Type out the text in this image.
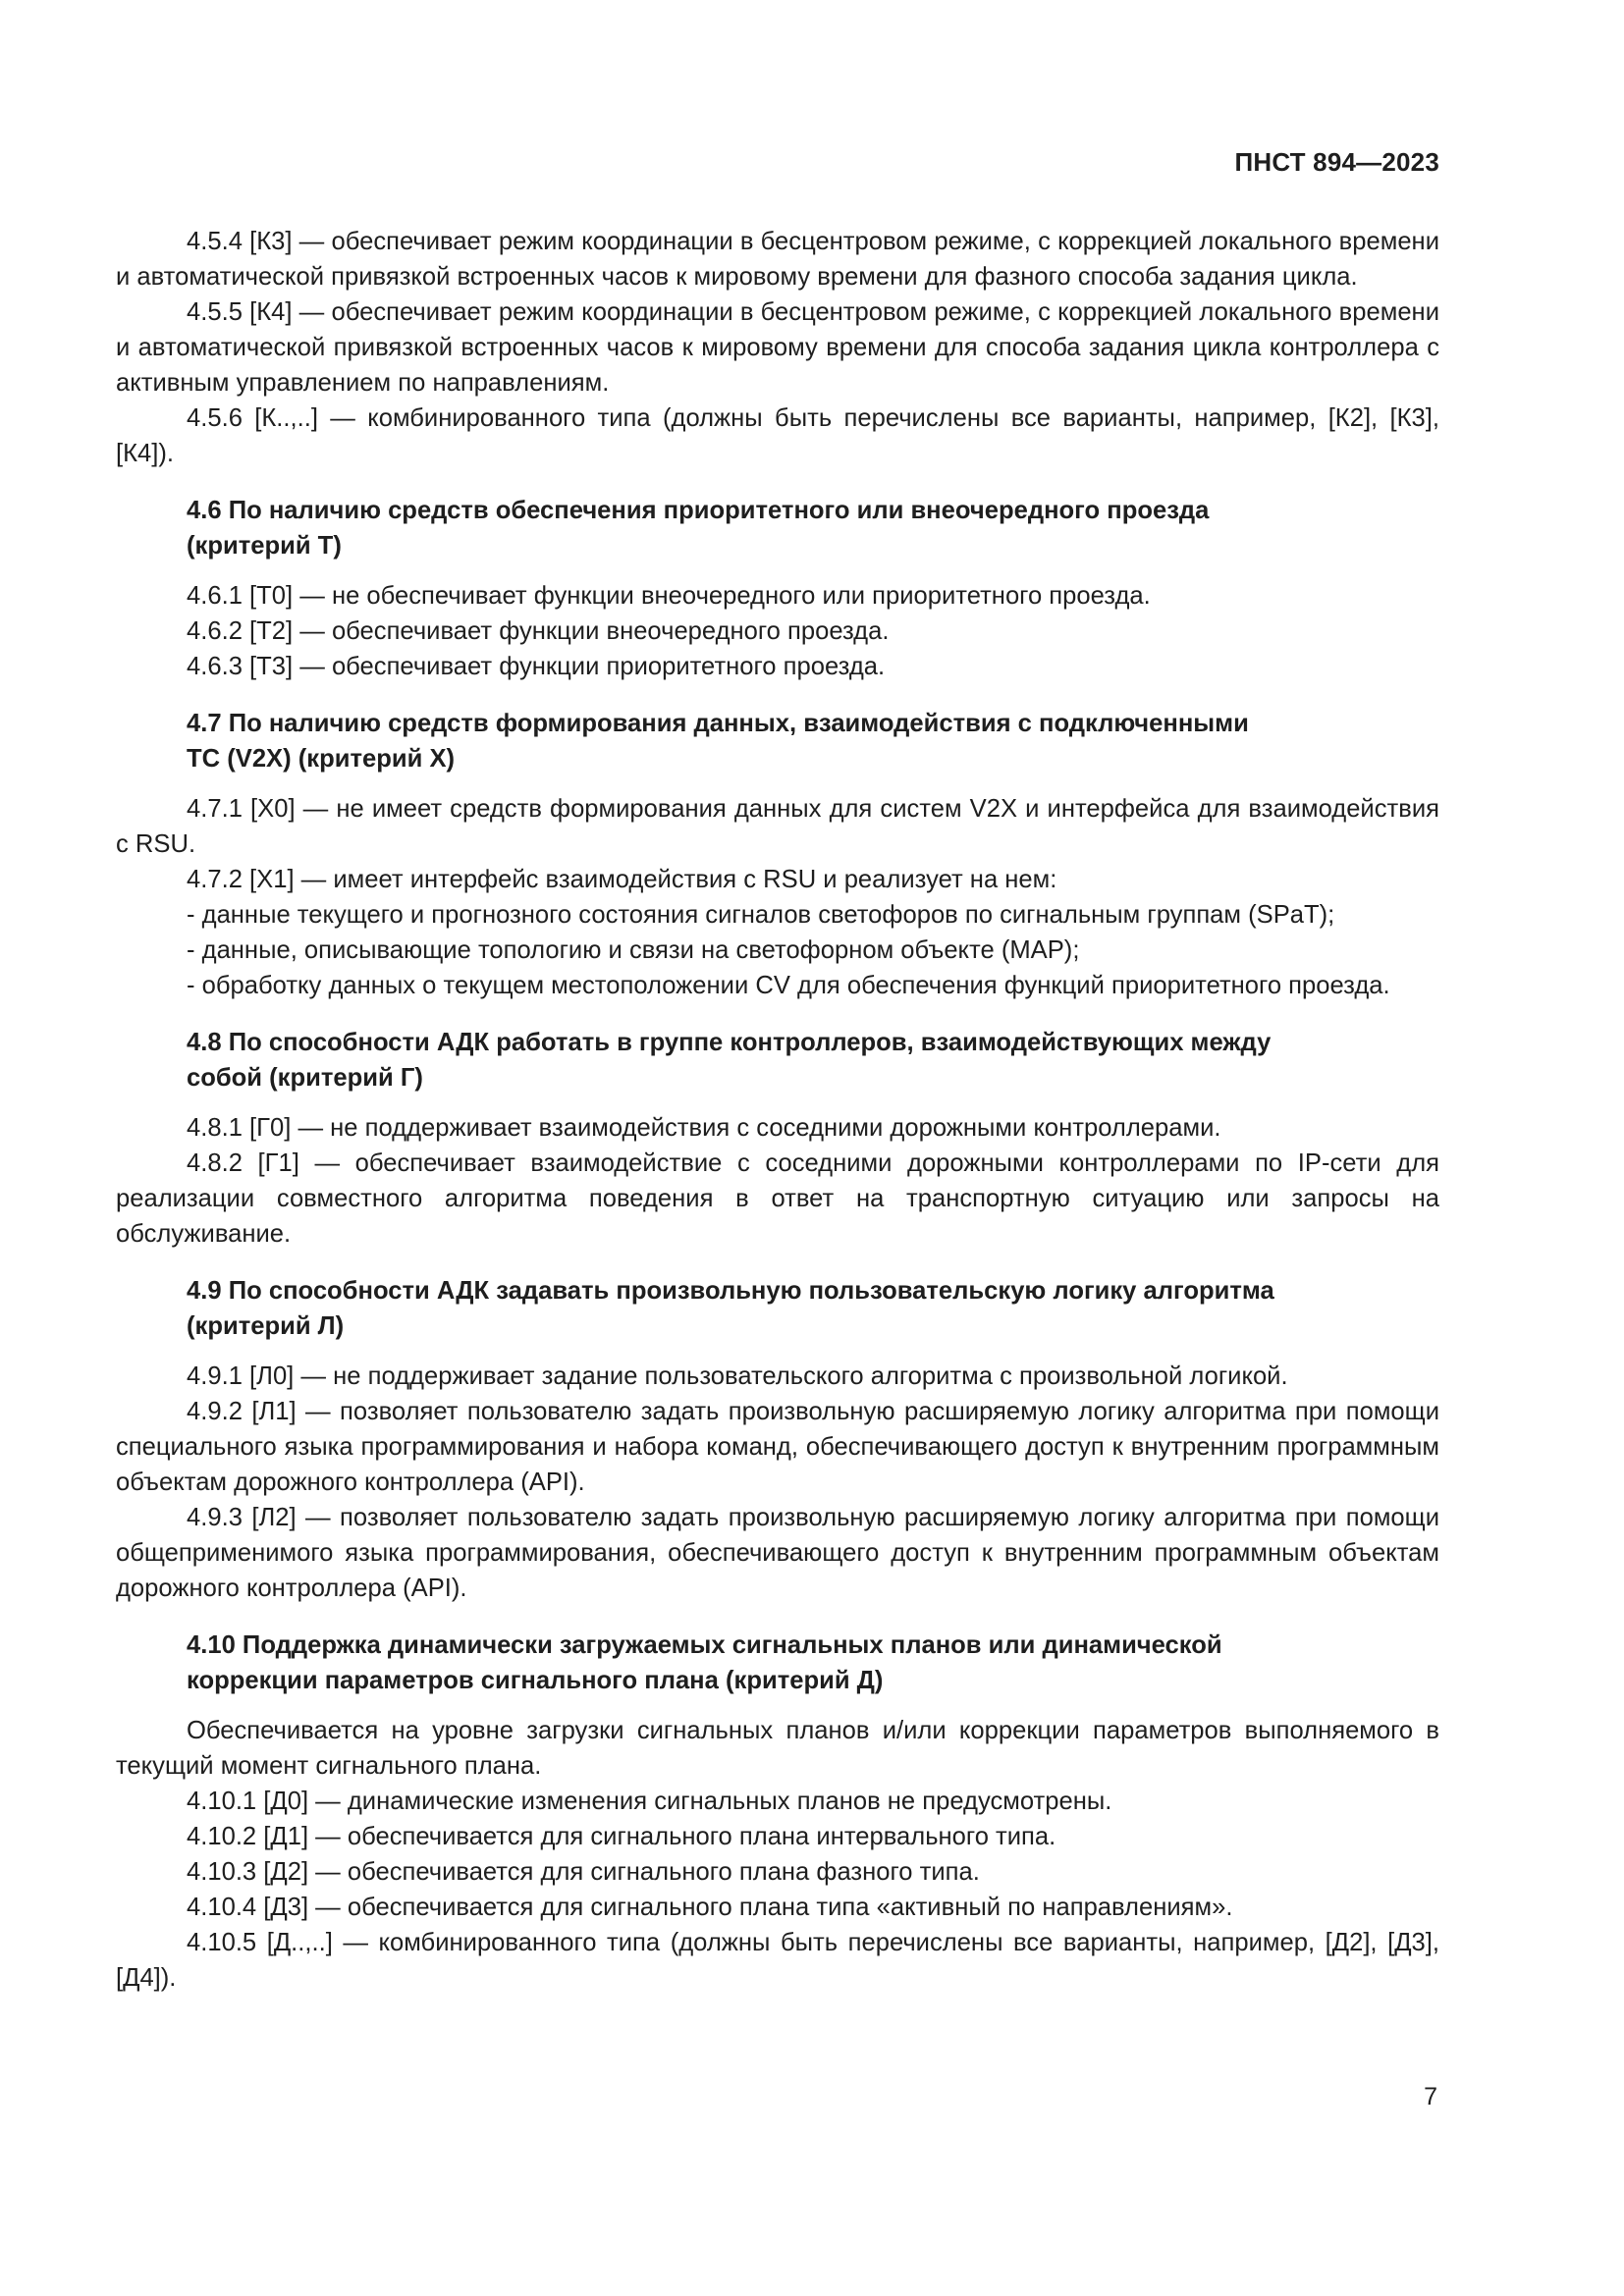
ПНСТ 894—2023

4.5.4 [К3] — обеспечивает режим координации в бесцентровом режиме, с коррекцией локального времени и автоматической привязкой встроенных часов к мировому времени для фазного способа задания цикла.

4.5.5 [К4] — обеспечивает режим координации в бесцентровом режиме, с коррекцией локального времени и автоматической привязкой встроенных часов к мировому времени для способа задания цикла контроллера с активным управлением по направлениям.

4.5.6 [К..,..] — комбинированного типа (должны быть перечислены все варианты, например, [К2], [К3], [К4]).

4.6 По наличию средств обеспечения приоритетного или внеочередного проезда
(критерий Т)

4.6.1 [Т0] — не обеспечивает функции внеочередного или приоритетного проезда.

4.6.2 [Т2] — обеспечивает функции внеочередного проезда.

4.6.3 [Т3] — обеспечивает функции приоритетного проезда.

4.7 По наличию средств формирования данных, взаимодействия с подключенными
ТС (V2X) (критерий Х)

4.7.1 [Х0] — не имеет средств формирования данных для систем V2X и интерфейса для взаимодействия с RSU.

4.7.2 [Х1] — имеет интерфейс взаимодействия с RSU и реализует на нем:

- данные текущего и прогнозного состояния сигналов светофоров по сигнальным группам (SPaT);

- данные, описывающие топологию и связи на светофорном объекте (MAP);

- обработку данных о текущем местоположении CV для обеспечения функций приоритетного проезда.

4.8 По способности АДК работать в группе контроллеров, взаимодействующих между
собой (критерий Г)

4.8.1 [Г0] — не поддерживает взаимодействия с соседними дорожными контроллерами.

4.8.2 [Г1] — обеспечивает взаимодействие с соседними дорожными контроллерами по IP-сети для реализации совместного алгоритма поведения в ответ на транспортную ситуацию или запросы на обслуживание.

4.9 По способности АДК задавать произвольную пользовательскую логику алгоритма
(критерий Л)

4.9.1 [Л0] — не поддерживает задание пользовательского алгоритма с произвольной логикой.

4.9.2 [Л1] — позволяет пользователю задать произвольную расширяемую логику алгоритма при помощи специального языка программирования и набора команд, обеспечивающего доступ к внутренним программным объектам дорожного контроллера (API).

4.9.3 [Л2] — позволяет пользователю задать произвольную расширяемую логику алгоритма при помощи общеприменимого языка программирования, обеспечивающего доступ к внутренним программным объектам дорожного контроллера (API).

4.10 Поддержка динамически загружаемых сигнальных планов или динамической
коррекции параметров сигнального плана (критерий Д)

Обеспечивается на уровне загрузки сигнальных планов и/или коррекции параметров выполняемого в текущий момент сигнального плана.

4.10.1 [Д0] — динамические изменения сигнальных планов не предусмотрены.

4.10.2 [Д1] — обеспечивается для сигнального плана интервального типа.

4.10.3 [Д2] — обеспечивается для сигнального плана фазного типа.

4.10.4 [Д3] — обеспечивается для сигнального плана типа «активный по направлениям».

4.10.5 [Д..,..] — комбинированного типа (должны быть перечислены все варианты, например, [Д2], [Д3], [Д4]).

7
